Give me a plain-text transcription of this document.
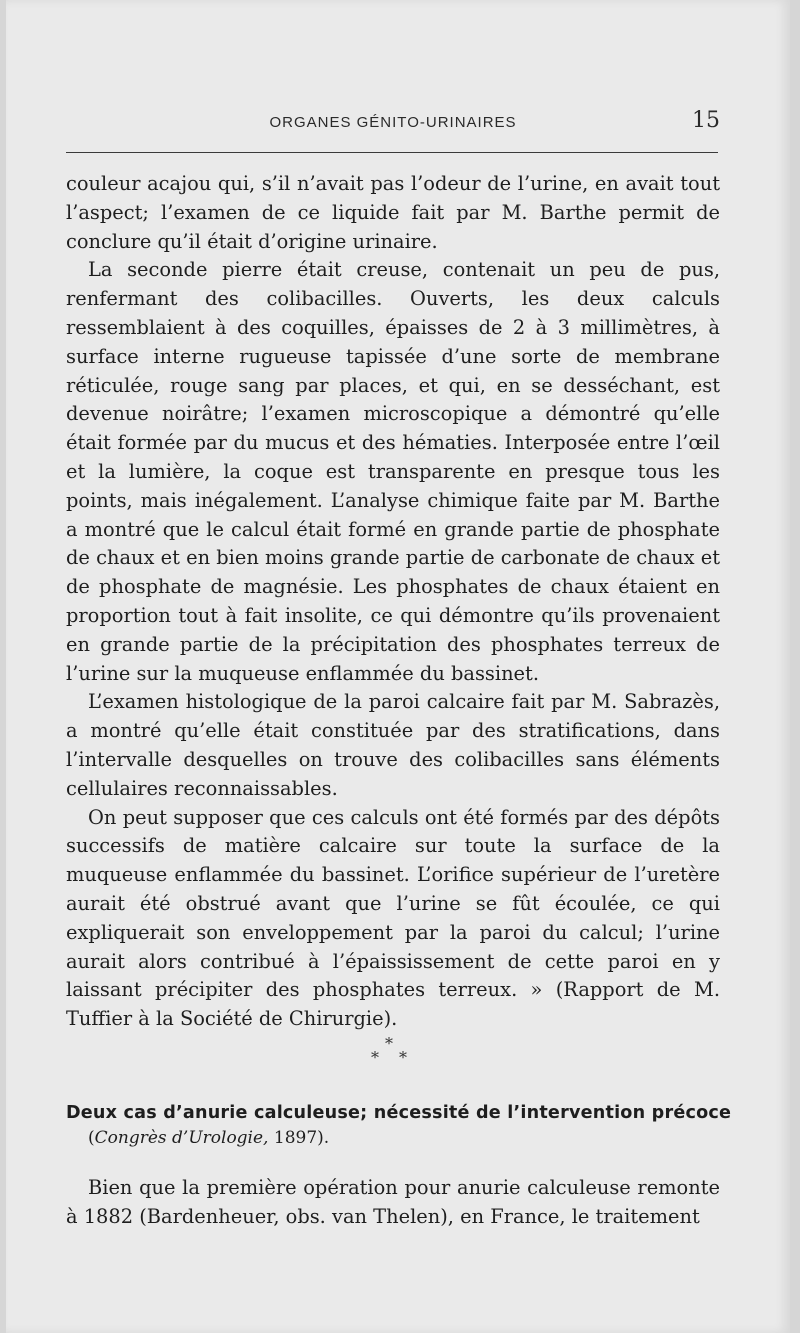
ORGANES GÉNITO-URINAIRES	15

couleur acajou qui, s’il n’avait pas l’odeur de l’urine, en avait tout l’aspect; l’examen de ce liquide fait par M. Barthe permit de conclure qu’il était d’origine urinaire.

La seconde pierre était creuse, contenait un peu de pus, renfermant des colibacilles. Ouverts, les deux calculs ressemblaient à des coquilles, épaisses de 2 à 3 millimètres, à surface interne rugueuse tapissée d’une sorte de membrane réticulée, rouge sang par places, et qui, en se desséchant, est devenue noirâtre; l’examen microscopique a démontré qu’elle était formée par du mucus et des hématies. Interposée entre l’œil et la lumière, la coque est transparente en presque tous les points, mais inégalement. L’analyse chimique faite par M. Barthe a montré que le calcul était formé en grande partie de phosphate de chaux et en bien moins grande partie de carbonate de chaux et de phosphate de magnésie. Les phosphates de chaux étaient en proportion tout à fait insolite, ce qui démontre qu’ils provenaient en grande partie de la précipitation des phosphates terreux de l’urine sur la muqueuse enflammée du bassinet.

L’examen histologique de la paroi calcaire fait par M. Sabrazès, a montré qu’elle était constituée par des stratifications, dans l’intervalle desquelles on trouve des colibacilles sans éléments cellulaires reconnaissables.

On peut supposer que ces calculs ont été formés par des dépôts successifs de matière calcaire sur toute la surface de la muqueuse enflammée du bassinet. L’orifice supérieur de l’uretère aurait été obstrué avant que l’urine se fût écoulée, ce qui expliquerait son enveloppement par la paroi du calcul; l’urine aurait alors contribué à l’épaississement de cette paroi en y laissant précipiter des phosphates terreux. » (Rapport de M. Tuffier à la Société de Chirurgie).

*
* *
Deux cas d’anurie calculeuse; nécessité de l’intervention précoce
(Congrès d’Urologie, 1897).

Bien que la première opération pour anurie calculeuse remonte à 1882 (Bardenheuer, obs. van Thelen), en France, le traitement
